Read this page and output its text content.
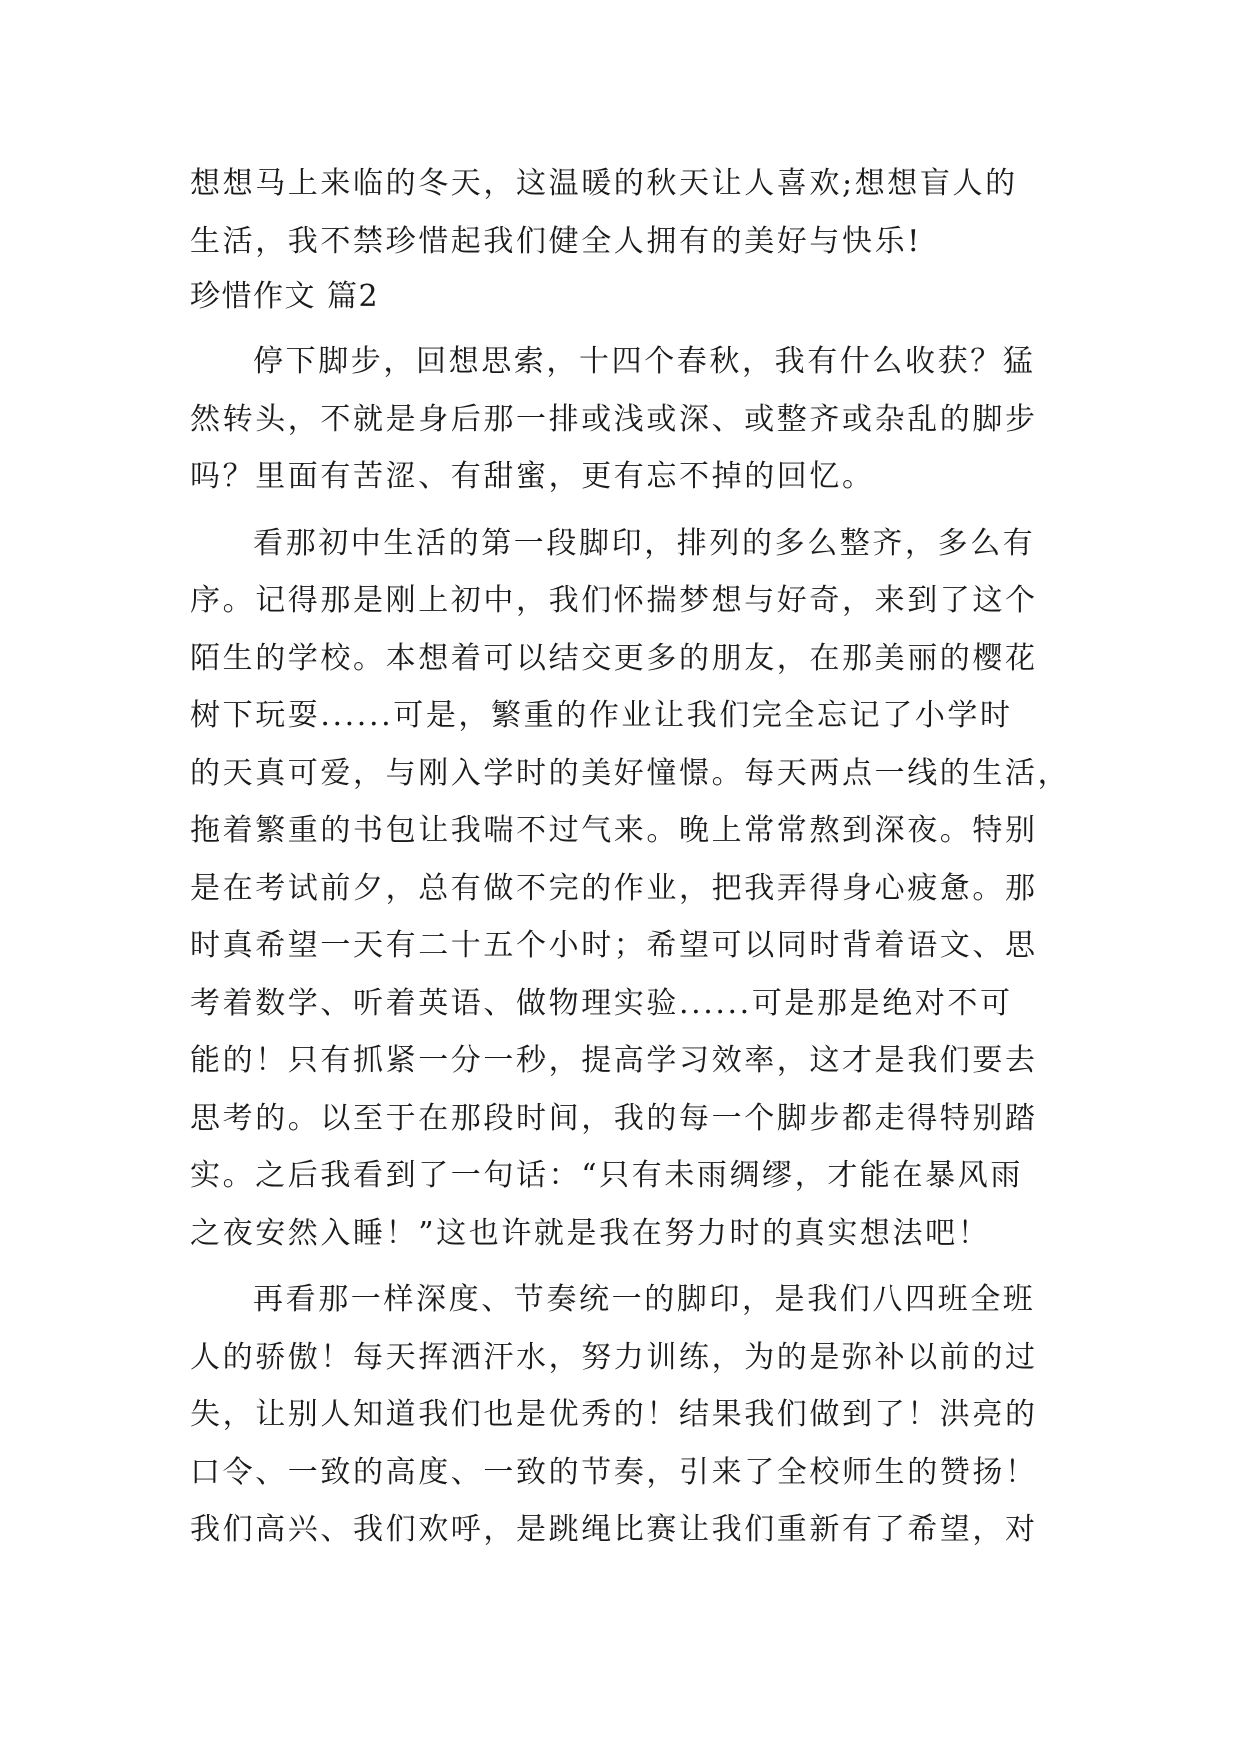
想想马上来临的冬天，这温暖的秋天让人喜欢;想想盲人的
生活，我不禁珍惜起我们健全人拥有的美好与快乐!
珍惜作文 篇2
停下脚步，回想思索，十四个春秋，我有什么收获？猛
然转头，不就是身后那一排或浅或深、或整齐或杂乱的脚步
吗？里面有苦涩、有甜蜜，更有忘不掉的回忆。
看那初中生活的第一段脚印，排列的多么整齐，多么有
序。记得那是刚上初中，我们怀揣梦想与好奇，来到了这个
陌生的学校。本想着可以结交更多的朋友，在那美丽的樱花
树下玩耍......可是，繁重的作业让我们完全忘记了小学时
的天真可爱，与刚入学时的美好憧憬。每天两点一线的生活，
拖着繁重的书包让我喘不过气来。晚上常常熬到深夜。特别
是在考试前夕，总有做不完的作业，把我弄得身心疲惫。那
时真希望一天有二十五个小时；希望可以同时背着语文、思
考着数学、听着英语、做物理实验......可是那是绝对不可
能的！只有抓紧一分一秒，提高学习效率，这才是我们要去
思考的。以至于在那段时间，我的每一个脚步都走得特别踏
实。之后我看到了一句话：“只有未雨绸缪，才能在暴风雨
之夜安然入睡！”这也许就是我在努力时的真实想法吧！
再看那一样深度、节奏统一的脚印，是我们八四班全班
人的骄傲！每天挥洒汗水，努力训练，为的是弥补以前的过
失，让别人知道我们也是优秀的！结果我们做到了！洪亮的
口令、一致的高度、一致的节奏，引来了全校师生的赞扬！
我们高兴、我们欢呼，是跳绳比赛让我们重新有了希望，对
